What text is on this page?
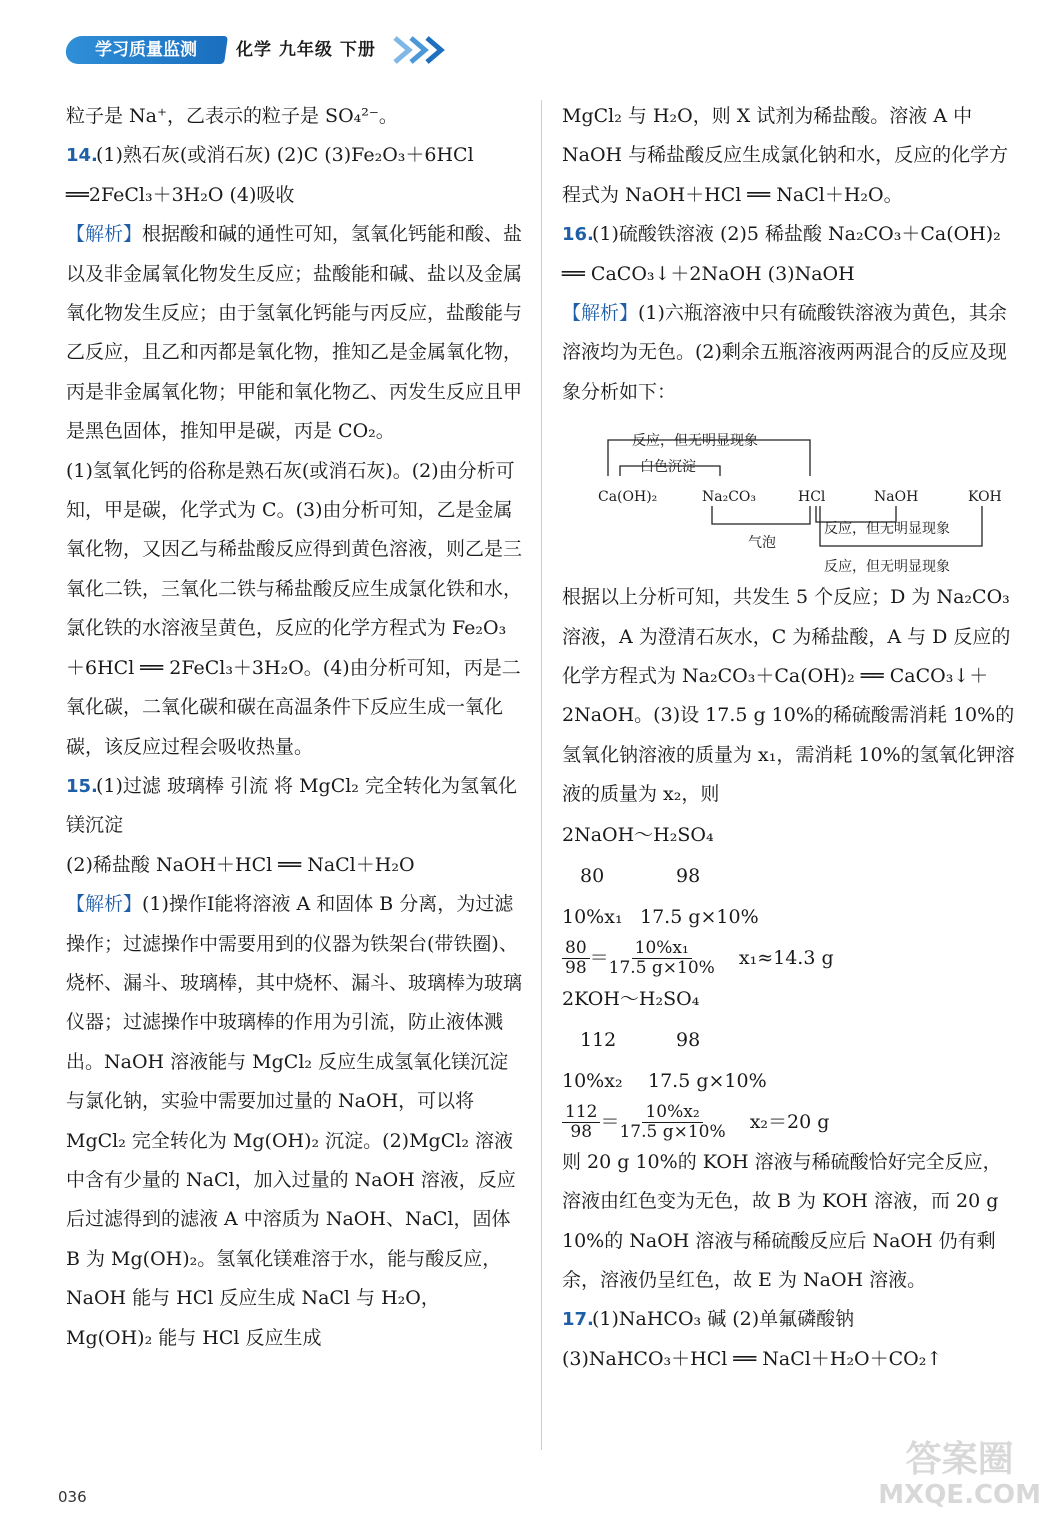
学习质量监测	化学 九年级 下册

粒子是 Na⁺，乙表示的粒子是 SO₄²⁻。

14.(1)熟石灰(或消石灰) (2)C (3)Fe₂O₃＋6HCl

══2FeCl₃＋3H₂O (4)吸收

【解析】根据酸和碱的通性可知，氢氧化钙能和酸、盐以及非金属氧化物发生反应；盐酸能和碱、盐以及金属氧化物发生反应；由于氢氧化钙能与丙反应，盐酸能与乙反应，且乙和丙都是氧化物，推知乙是金属氧化物，丙是非金属氧化物；甲能和氧化物乙、丙发生反应且甲是黑色固体，推知甲是碳，丙是 CO₂。

(1)氢氧化钙的俗称是熟石灰(或消石灰)。(2)由分析可知，甲是碳，化学式为 C。(3)由分析可知，乙是金属氧化物，又因乙与稀盐酸反应得到黄色溶液，则乙是三氧化二铁，三氧化二铁与稀盐酸反应生成氯化铁和水，氯化铁的水溶液呈黄色，反应的化学方程式为 Fe₂O₃＋6HCl ══ 2FeCl₃＋3H₂O。(4)由分析可知，丙是二氧化碳，二氧化碳和碳在高温条件下反应生成一氧化碳，该反应过程会吸收热量。

15.(1)过滤 玻璃棒 引流 将 MgCl₂ 完全转化为氢氧化镁沉淀

(2)稀盐酸 NaOH＋HCl ══ NaCl＋H₂O

【解析】(1)操作Ⅰ能将溶液 A 和固体 B 分离，为过滤操作；过滤操作中需要用到的仪器为铁架台(带铁圈)、烧杯、漏斗、玻璃棒，其中烧杯、漏斗、玻璃棒为玻璃仪器；过滤操作中玻璃棒的作用为引流，防止液体溅出。NaOH 溶液能与 MgCl₂ 反应生成氢氧化镁沉淀与氯化钠，实验中需要加过量的 NaOH，可以将 MgCl₂ 完全转化为 Mg(OH)₂ 沉淀。(2)MgCl₂ 溶液中含有少量的 NaCl，加入过量的 NaOH 溶液，反应后过滤得到的滤液 A 中溶质为 NaOH、NaCl，固体 B 为 Mg(OH)₂。氢氧化镁难溶于水，能与酸反应，NaOH 能与 HCl 反应生成 NaCl 与 H₂O，Mg(OH)₂ 能与 HCl 反应生成

MgCl₂ 与 H₂O，则 X 试剂为稀盐酸。溶液 A 中 NaOH 与稀盐酸反应生成氯化钠和水，反应的化学方程式为 NaOH＋HCl ══ NaCl＋H₂O。

16.(1)硫酸铁溶液 (2)5 稀盐酸 Na₂CO₃＋Ca(OH)₂ ══ CaCO₃↓＋2NaOH (3)NaOH

【解析】(1)六瓶溶液中只有硫酸铁溶液为黄色，其余溶液均为无色。(2)剩余五瓶溶液两两混合的反应及现象分析如下：

反应，但无明显现象
白色沉淀
Ca(OH)₂	Na₂CO₃	HCl	NaOH	KOH
气泡
反应，但无明显现象
反应，但无明显现象

根据以上分析可知，共发生 5 个反应；D 为 Na₂CO₃ 溶液，A 为澄清石灰水，C 为稀盐酸，A 与 D 反应的化学方程式为 Na₂CO₃＋Ca(OH)₂ ══ CaCO₃↓＋2NaOH。(3)设 17.5 g 10%的稀硫酸需消耗 10%的氢氧化钠溶液的质量为 x₁，需消耗 10%的氢氧化钾溶液的质量为 x₂，则

2NaOH～H₂SO₄
80	98
10%x₁ 17.5 g×10%
$\frac{80}{98} = \frac{\text{10\%x₁}}{17.5 g\times 10\%} x_1\approx 14.3$ g
2KOH～H₂SO₄
112	98
10%x₂ 17.5 g×10%
$\frac{112}{98} = \frac{\text{10\%x₂}}{17.5 g\times 10\%} x_2=20$ g

则 20 g 10%的 KOH 溶液与稀硫酸恰好完全反应，溶液由红色变为无色，故 B 为 KOH 溶液，而 20 g 10%的 NaOH 溶液与稀硫酸反应后 NaOH 仍有剩余，溶液仍呈红色，故 E 为 NaOH 溶液。

17.(1)NaHCO₃ 碱 (2)单氟磷酸钠

(3)NaHCO₃＋HCl ══ NaCl＋H₂O＋CO₂↑

036
答案圈
MXQE.COM
